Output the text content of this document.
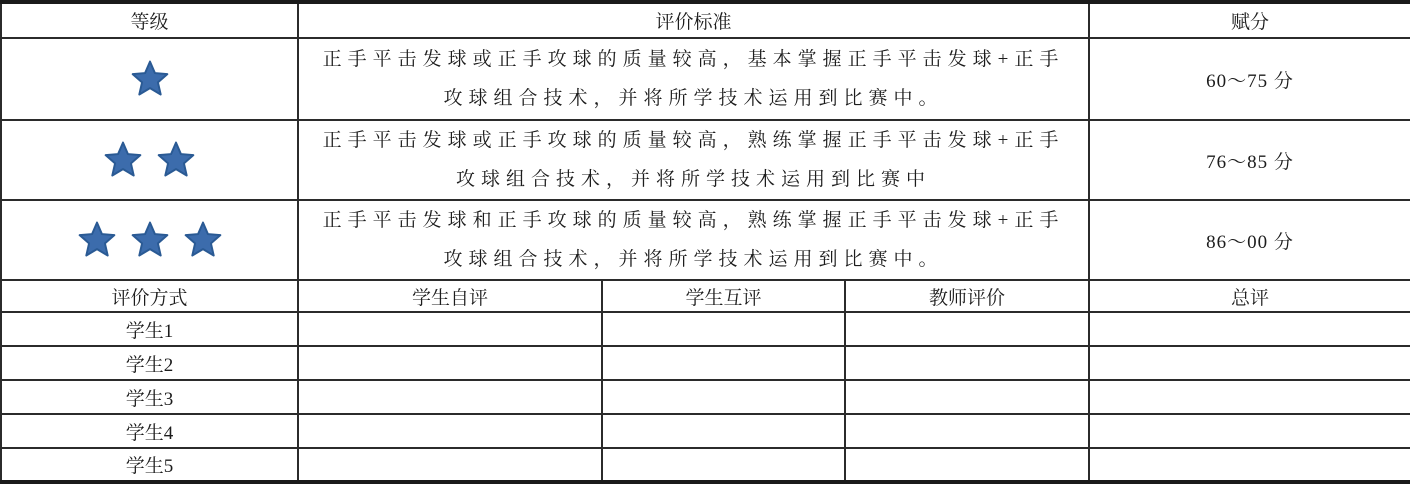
等级	评价标准			赋分

正手平击发球或正手攻球的质量较高，基本掌握正手平击发球+正手
攻球组合技术，并将所学技术运用到比赛中。			60～75 分

正手平击发球或正手攻球的质量较高，熟练掌握正手平击发球+正手
攻球组合技术，并将所学技术运用到比赛中			76～85 分

正手平击发球和正手攻球的质量较高，熟练掌握正手平击发球+正手
攻球组合技术，并将所学技术运用到比赛中。			86～00 分
评价方式	学生自评	学生互评	教师评价	总评
学生1				
学生2				
学生3				
学生4				
学生5				
